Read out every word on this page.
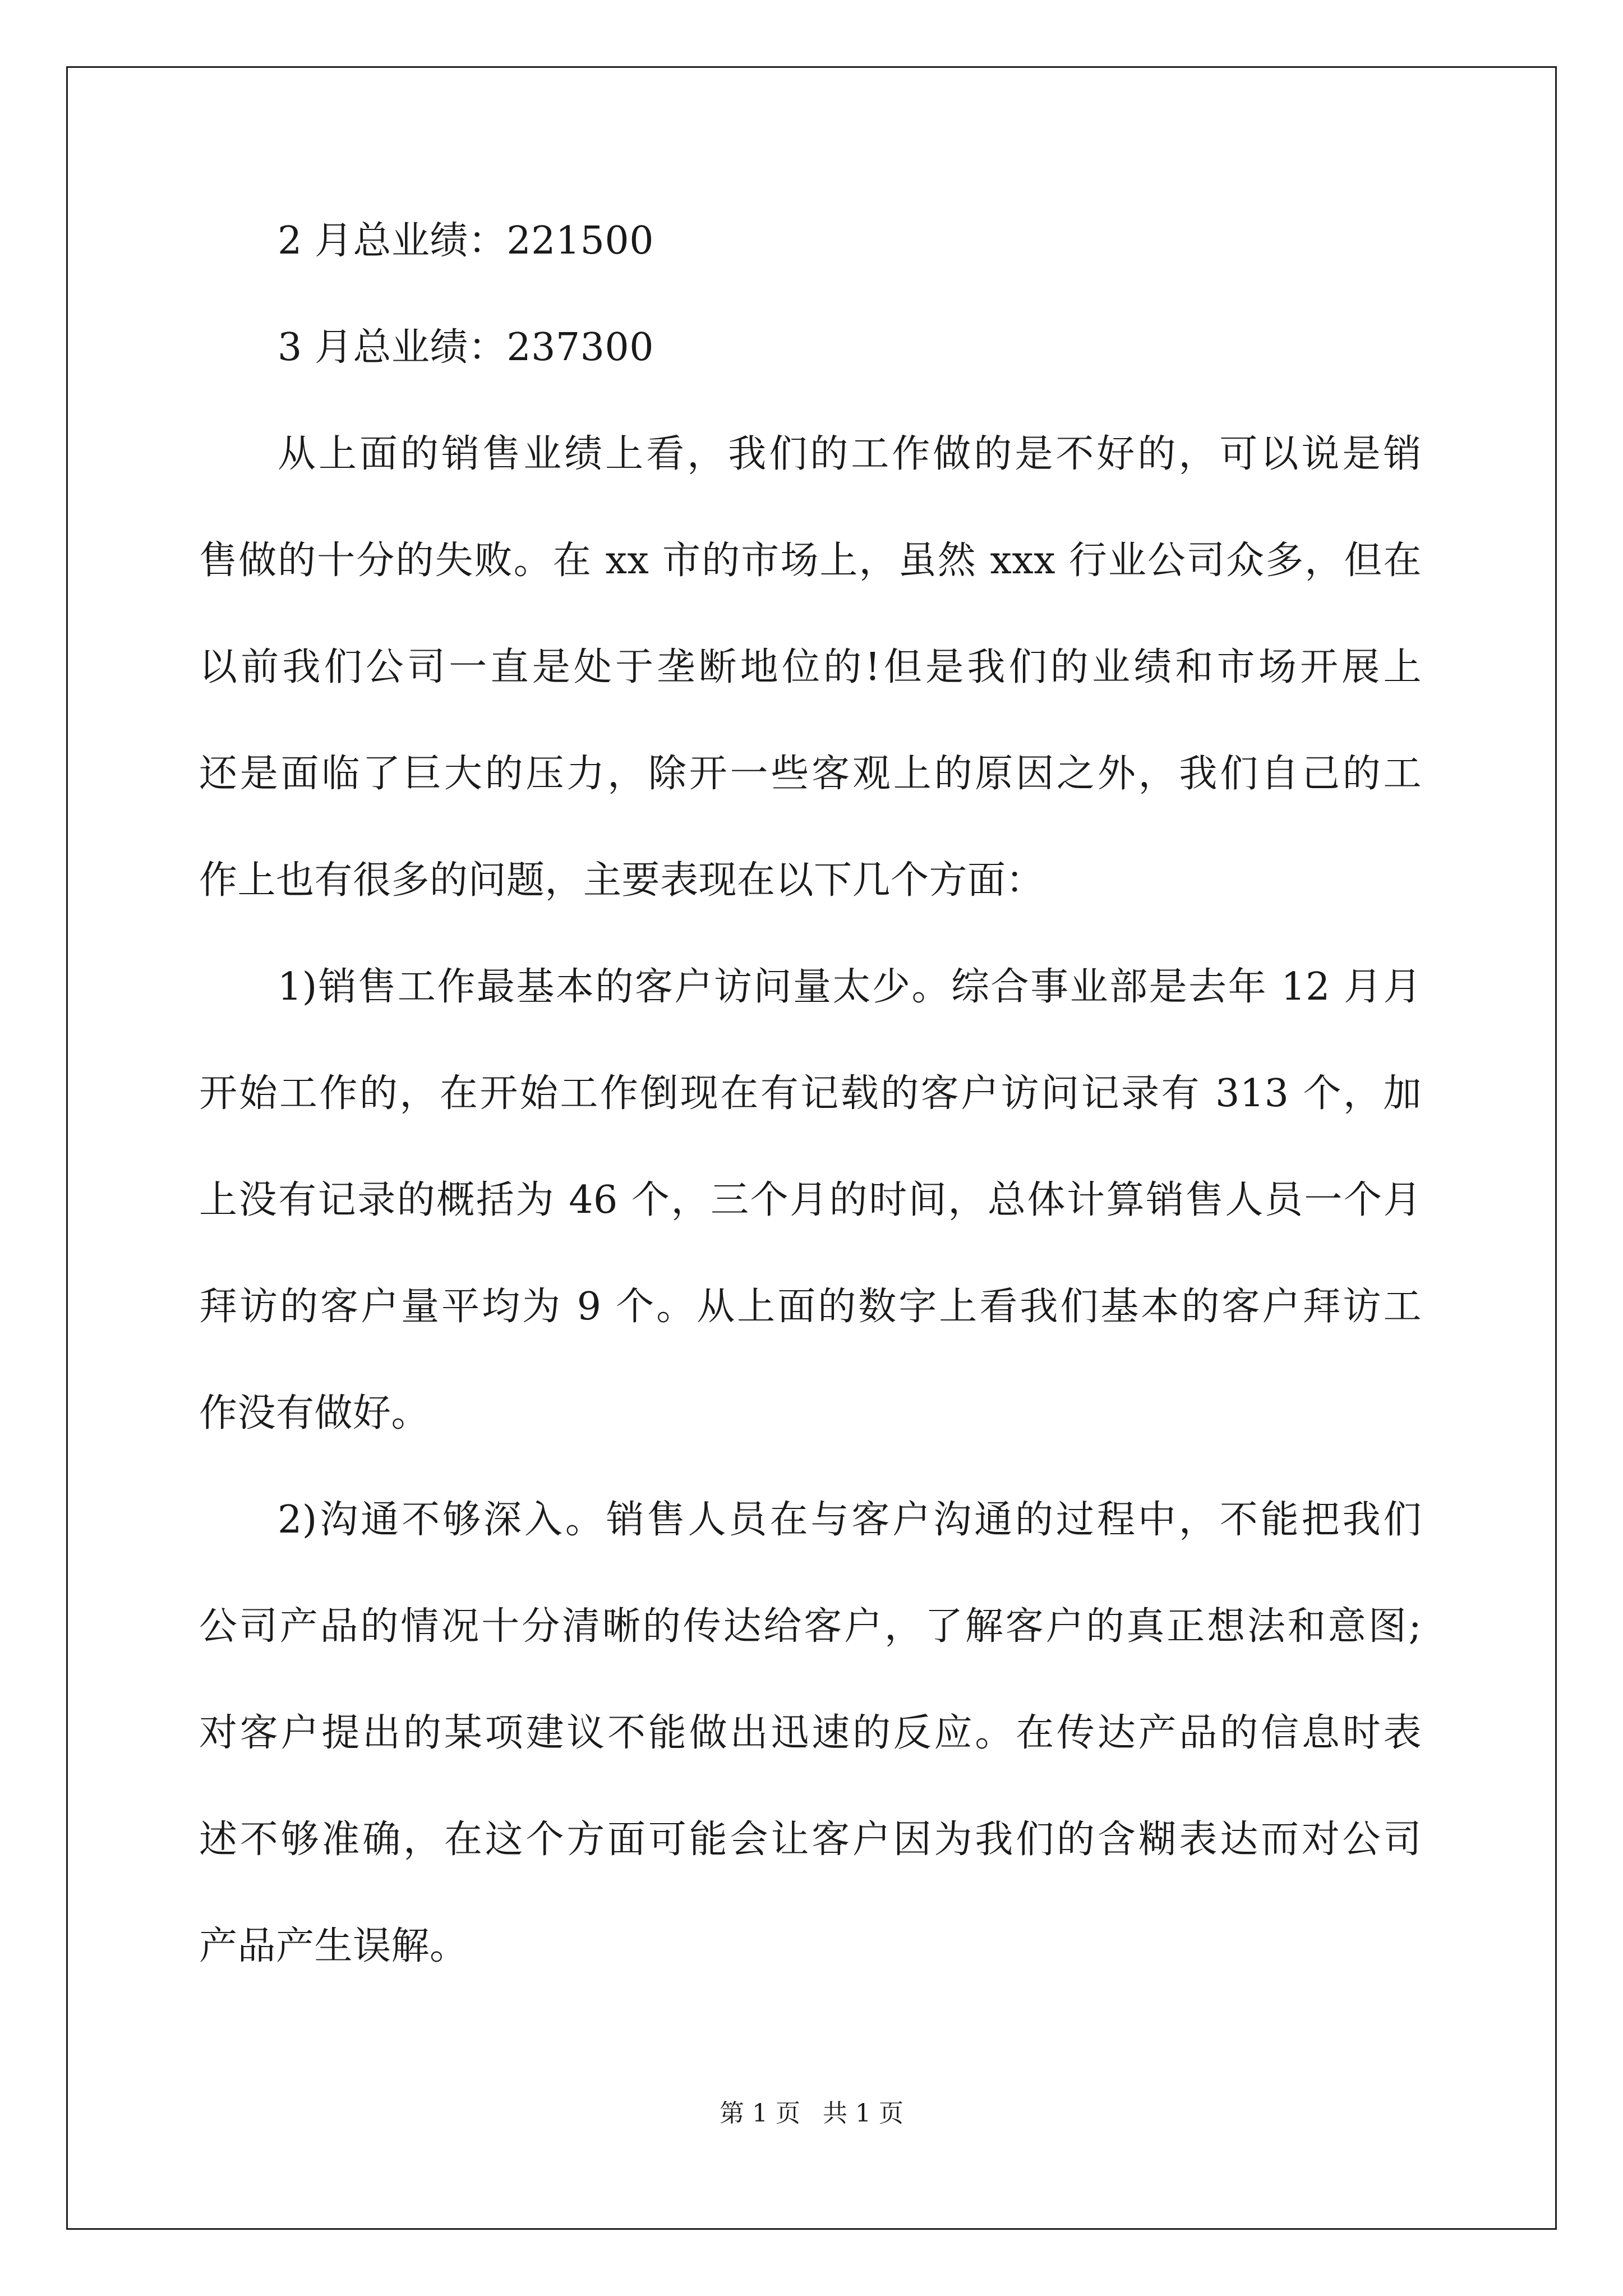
2 月总业绩：221500
3 月总业绩：237300
从上面的销售业绩上看，我们的工作做的是不好的，可以说是销
售做的十分的失败。在 xx 市的市场上，虽然 xxx 行业公司众多，但在
以前我们公司一直是处于垄断地位的!但是我们的业绩和市场开展上
还是面临了巨大的压力，除开一些客观上的原因之外，我们自己的工
作上也有很多的问题，主要表现在以下几个方面：
1)销售工作最基本的客户访问量太少。综合事业部是去年 12 月月
开始工作的，在开始工作倒现在有记载的客户访问记录有 313 个，加
上没有记录的概括为 46 个，三个月的时间，总体计算销售人员一个月
拜访的客户量平均为 9 个。从上面的数字上看我们基本的客户拜访工
作没有做好。
2)沟通不够深入。销售人员在与客户沟通的过程中，不能把我们
公司产品的情况十分清晰的传达给客户，了解客户的真正想法和意图;
对客户提出的某项建议不能做出迅速的反应。在传达产品的信息时表
述不够准确，在这个方面可能会让客户因为我们的含糊表达而对公司
产品产生误解。
第 1 页 共 1 页
